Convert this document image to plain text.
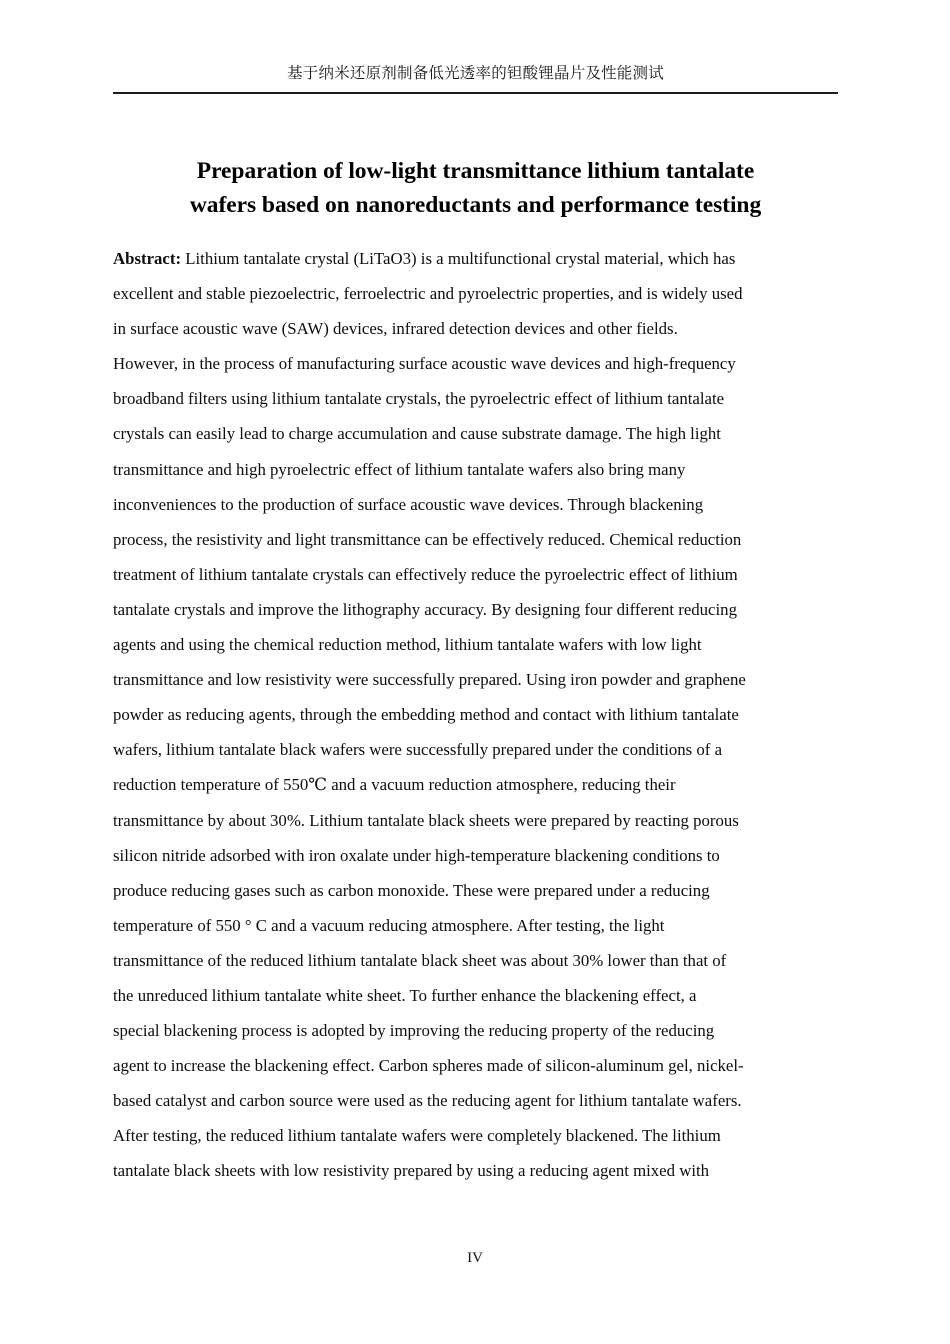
基于纳米还原剂制备低光透率的钽酸锂晶片及性能测试
Preparation of low-light transmittance lithium tantalate
wafers based on nanoreductants and performance testing

Abstract: Lithium tantalate crystal (LiTaO3) is a multifunctional crystal material, which has
excellent and stable piezoelectric, ferroelectric and pyroelectric properties, and is widely used
in surface acoustic wave (SAW) devices, infrared detection devices and other fields.
However, in the process of manufacturing surface acoustic wave devices and high-frequency
broadband filters using lithium tantalate crystals, the pyroelectric effect of lithium tantalate
crystals can easily lead to charge accumulation and cause substrate damage. The high light
transmittance and high pyroelectric effect of lithium tantalate wafers also bring many
inconveniences to the production of surface acoustic wave devices. Through blackening
process, the resistivity and light transmittance can be effectively reduced. Chemical reduction
treatment of lithium tantalate crystals can effectively reduce the pyroelectric effect of lithium
tantalate crystals and improve the lithography accuracy. By designing four different reducing
agents and using the chemical reduction method, lithium tantalate wafers with low light
transmittance and low resistivity were successfully prepared. Using iron powder and graphene
powder as reducing agents, through the embedding method and contact with lithium tantalate
wafers, lithium tantalate black wafers were successfully prepared under the conditions of a
reduction temperature of 550℃ and a vacuum reduction atmosphere, reducing their
transmittance by about 30%. Lithium tantalate black sheets were prepared by reacting porous
silicon nitride adsorbed with iron oxalate under high-temperature blackening conditions to
produce reducing gases such as carbon monoxide. These were prepared under a reducing
temperature of 550 ° C and a vacuum reducing atmosphere. After testing, the light
transmittance of the reduced lithium tantalate black sheet was about 30% lower than that of
the unreduced lithium tantalate white sheet. To further enhance the blackening effect, a
special blackening process is adopted by improving the reducing property of the reducing
agent to increase the blackening effect. Carbon spheres made of silicon-aluminum gel, nickel-
based catalyst and carbon source were used as the reducing agent for lithium tantalate wafers.
After testing, the reduced lithium tantalate wafers were completely blackened. The lithium
tantalate black sheets with low resistivity prepared by using a reducing agent mixed with

IV
